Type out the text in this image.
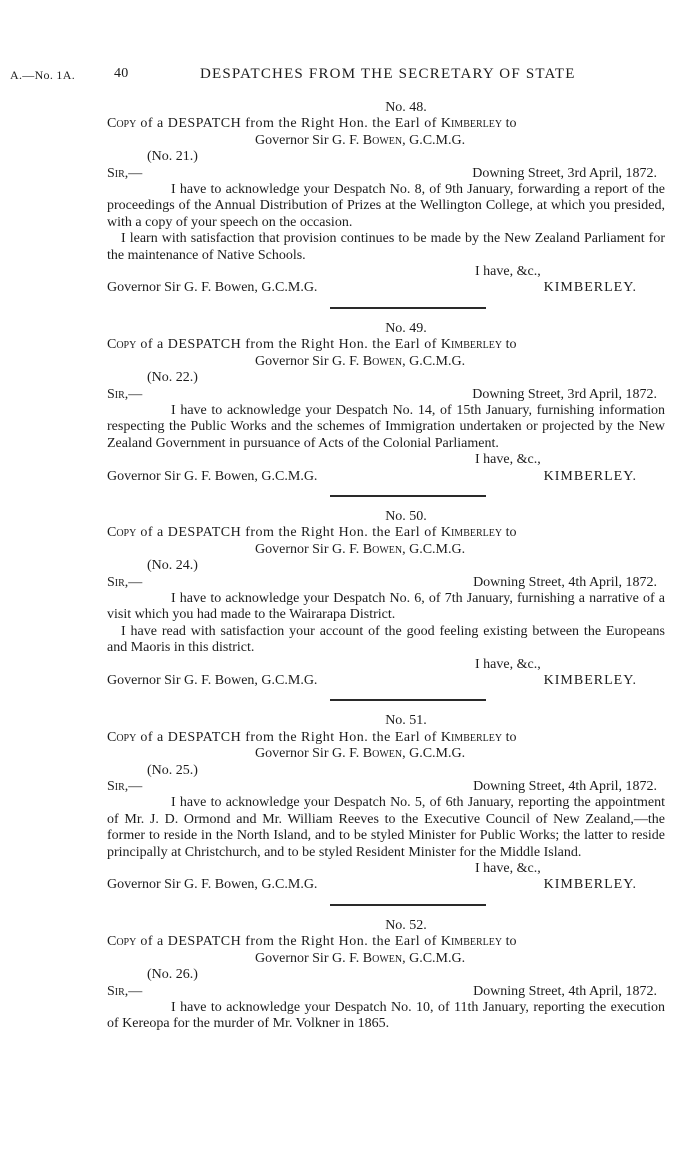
A.—No. 1A.	40	DESPATCHES FROM THE SECRETARY OF STATE
No. 48.
Copy of a DESPATCH from the Right Hon. the Earl of Kimberley to
Governor Sir G. F. Bowen, G.C.M.G.
(No. 21.)
Sir,—	Downing Street, 3rd April, 1872.

I have to acknowledge your Despatch No. 8, of 9th January, forwarding a report of the proceedings of the Annual Distribution of Prizes at the Wellington College, at which you presided, with a copy of your speech on the occasion.

I learn with satisfaction that provision continues to be made by the New Zealand Parliament for the maintenance of Native Schools.

I have, &c.,
Governor Sir G. F. Bowen, G.C.M.G.	KIMBERLEY.
No. 49.
Copy of a DESPATCH from the Right Hon. the Earl of Kimberley to
Governor Sir G. F. Bowen, G.C.M.G.
(No. 22.)
Sir,—	Downing Street, 3rd April, 1872.

I have to acknowledge your Despatch No. 14, of 15th January, furnishing information respecting the Public Works and the schemes of Immigration undertaken or projected by the New Zealand Government in pursuance of Acts of the Colonial Parliament.

I have, &c.,
Governor Sir G. F. Bowen, G.C.M.G.	KIMBERLEY.
No. 50.
Copy of a DESPATCH from the Right Hon. the Earl of Kimberley to
Governor Sir G. F. Bowen, G.C.M.G.
(No. 24.)
Sir,—	Downing Street, 4th April, 1872.

I have to acknowledge your Despatch No. 6, of 7th January, furnishing a narrative of a visit which you had made to the Wairarapa District.

I have read with satisfaction your account of the good feeling existing between the Europeans and Maoris in this district.

I have, &c.,
Governor Sir G. F. Bowen, G.C.M.G.	KIMBERLEY.
No. 51.
Copy of a DESPATCH from the Right Hon. the Earl of Kimberley to
Governor Sir G. F. Bowen, G.C.M.G.
(No. 25.)
Sir,—	Downing Street, 4th April, 1872.

I have to acknowledge your Despatch No. 5, of 6th January, reporting the appointment of Mr. J. D. Ormond and Mr. William Reeves to the Executive Council of New Zealand,—the former to reside in the North Island, and to be styled Minister for Public Works; the latter to reside principally at Christchurch, and to be styled Resident Minister for the Middle Island.

I have, &c.,
Governor Sir G. F. Bowen, G.C.M.G.	KIMBERLEY.
No. 52.
Copy of a DESPATCH from the Right Hon. the Earl of Kimberley to
Governor Sir G. F. Bowen, G.C.M.G.
(No. 26.)
Sir,—	Downing Street, 4th April, 1872.

I have to acknowledge your Despatch No. 10, of 11th January, reporting the execution of Kereopa for the murder of Mr. Volkner in 1865.
